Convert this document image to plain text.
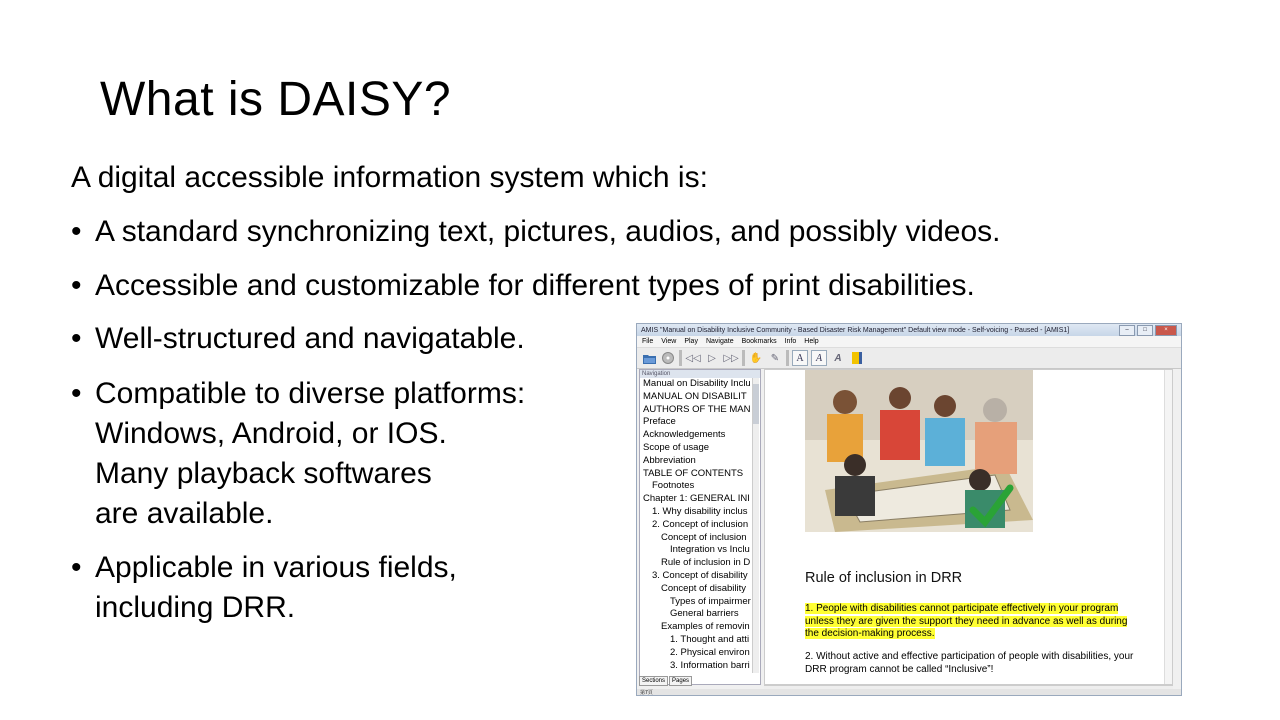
What is DAISY?
A digital accessible information system which is:
• A standard synchronizing text, pictures, audios, and possibly videos.
• Accessible and customizable for different types of print disabilities.
• Well-structured and navigatable.
• Compatible to diverse platforms:
Windows, Android, or IOS.
Many playback softwares
are available.
• Applicable in various fields,
including DRR.
AMIS "Manual on Disability Inclusive Community - Based Disaster Risk Management" Default view mode - Self-voicing - Paused - [AMIS1]	–	□	×
File View Play Navigate Bookmarks Info Help
◁◁ ▷ ▷▷ ✋ ✎	A	A A
Navigation
Manual on Disability Inclu
MANUAL ON DISABILIT
AUTHORS OF THE MAN
Preface
Acknowledgements
Scope of usage
Abbreviation
TABLE OF CONTENTS
Footnotes
Chapter 1: GENERAL INI
1. Why disability inclus
2. Concept of inclusion
Concept of inclusion
Integration vs Inclu
Rule of inclusion in D
3. Concept of disability
Concept of disability
Types of impairmer
General barriers
Examples of removin
1. Thought and atti
2. Physical environ
3. Information barri
Sections	Pages
Rule of inclusion in DRR
1. People with disabilities cannot participate effectively in your program unless they are given the support they need in advance as well as during the decision-making process.
2. Without active and effective participation of people with disabilities, your DRR program cannot be called “Inclusive”!
第7頁
